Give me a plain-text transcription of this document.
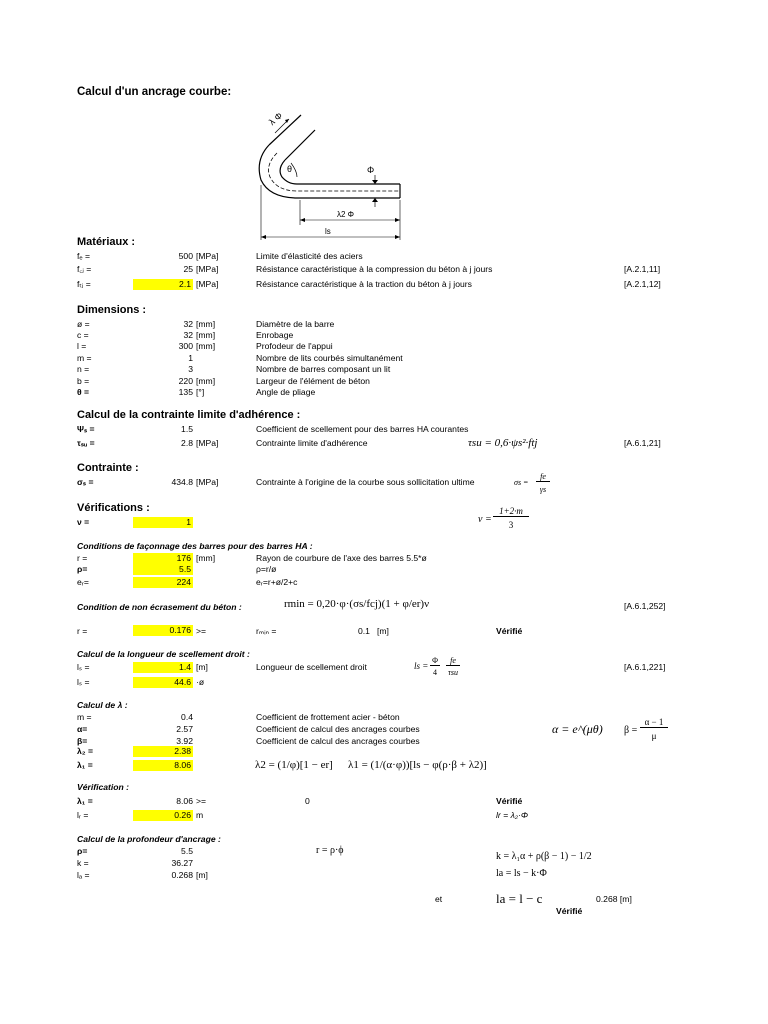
Calcul d'un ancrage courbe:
θ
λ Φ
Φ
λ2 Φ
ls
Matériaux :
fₑ =	500 [MPa]	Limite d'élasticité des aciers
f꜀ⱼ =	25 [MPa]	Résistance caractéristique à la compression du béton à j jours	[A.2.1,11]
fₜⱼ =	2.1 [MPa]	Résistance caractéristique à la traction du béton à j jours	[A.2.1,12]
Dimensions :
ø =	32 [mm]	Diamètre de la barre
c =	32 [mm]	Enrobage
l =	300 [mm]	Profodeur de l'appui
m =	1	Nombre de lits courbés simultanément
n =	3	Nombre de barres composant un lit
b =	220 [mm]	Largeur de l'élément de béton
θ =	135 [°]	Angle de pliage
Calcul de la contrainte limite d'adhérence :
Ψₛ =	1.5	Coefficient de scellement pour des barres HA courantes
τₛᵤ =	2.8 [MPa]	Contrainte limite d'adhérence	[A.6.1,21]
τsu = 0,6·ψs²·ftj
Contrainte :
σₛ =	434.8 [MPa]	Contrainte à l'origine de la courbe sous sollicitation ultime	σs =
fe
γs
Vérifications :
ν =	1	ν =
1+2·m
3
Conditions de façonnage des barres pour des barres HA :
r =	176 [mm]	Rayon de courbure de l'axe des barres 5.5*ø
ρ=	5.5	ρ=r/ø
eᵣ=	224	eᵣ=r+ø/2+c
Condition de non écrasement du béton :	rmin = 0,20·φ·(σs/fcj)(1 + φ/er)ν	[A.6.1,252]
r =	0.176 >=	rₘᵢₙ =	0.1 [m]	Vérifié
Calcul de la longueur de scellement droit :
lₛ =	1.4 [m]	Longueur de scellement droit
lₛ =	44.6 ·ø
ls =
Φ
4
fe
τsu
[A.6.1,221]
Calcul de λ :
m =	0.4	Coefficient de frottement acier - béton
α=	2.57	Coefficient de calcul des ancrages courbes
β=	3.92	Coefficient de calcul des ancrages courbes
λ₂ =	2.38
λ₁ =	8.06
α = e^(μθ) β =
α − 1
μ
λ2 = (1/φ)[1 − er] λ1 = (1/(α·φ))[ls − φ(ρ·β + λ2)]
Vérification :
λ₁ =	8.06 >=	0	Vérifié
lᵣ =	0.26 m	lr = λ₂·Φ
Calcul de la profondeur d'ancrage :
ρ=	5.5
k =	36.27
lₐ =	0.268 [m]
r = ρ·ϕ
k = λ₁α + ρ(β − 1) − 1/2
la = ls − k·Φ
et	la = l − c	0.268 [m]
Vérifié
